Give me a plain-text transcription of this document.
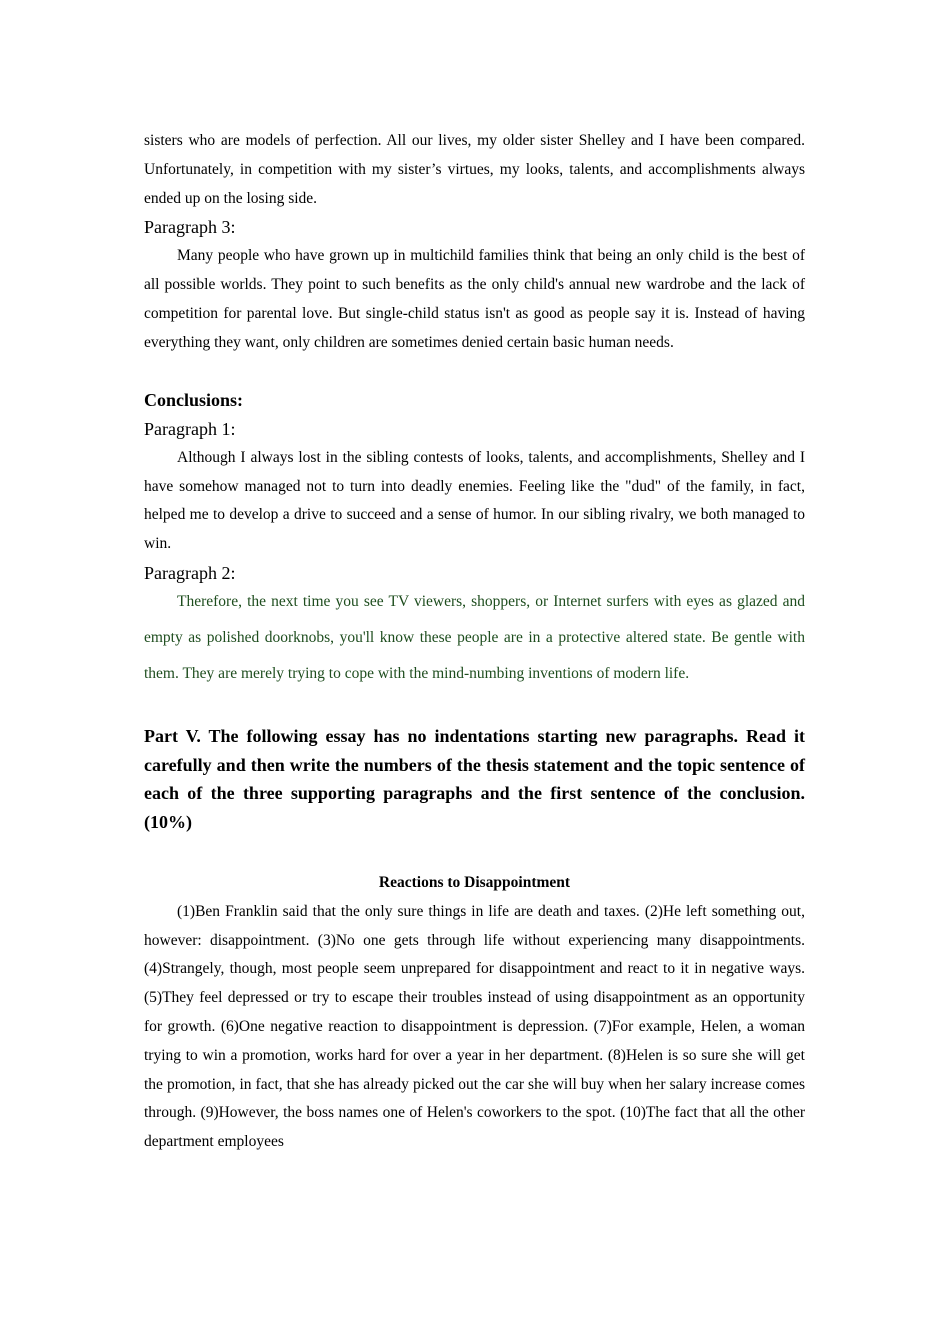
sisters who are models of perfection. All our lives, my older sister Shelley and I have been compared. Unfortunately, in competition with my sister’s virtues, my looks, talents, and accomplishments always ended up on the losing side.

Paragraph 3:

Many people who have grown up in multichild families think that being an only child is the best of all possible worlds. They point to such benefits as the only child's annual new wardrobe and the lack of competition for parental love. But single-child status isn't as good as people say it is. Instead of having everything they want, only children are sometimes denied certain basic human needs.

Conclusions:

Paragraph 1:

Although I always lost in the sibling contests of looks, talents, and accomplishments, Shelley and I have somehow managed not to turn into deadly enemies. Feeling like the "dud" of the family, in fact, helped me to develop a drive to succeed and a sense of humor. In our sibling rivalry, we both managed to win.

Paragraph 2:

Therefore, the next time you see TV viewers, shoppers, or Internet surfers with eyes as glazed and empty as polished doorknobs, you'll know these people are in a protective altered state. Be gentle with them. They are merely trying to cope with the mind-numbing inventions of modern life.

Part V. The following essay has no indentations starting new paragraphs. Read it carefully and then write the numbers of the thesis statement and the topic sentence of each of the three supporting paragraphs and the first sentence of the conclusion. (10%)

Reactions to Disappointment

(1)Ben Franklin said that the only sure things in life are death and taxes. (2)He left something out, however: disappointment. (3)No one gets through life without experiencing many disappointments. (4)Strangely, though, most people seem unprepared for disappointment and react to it in negative ways. (5)They feel depressed or try to escape their troubles instead of using disappointment as an opportunity for growth. (6)One negative reaction to disappointment is depression. (7)For example, Helen, a woman trying to win a promotion, works hard for over a year in her department. (8)Helen is so sure she will get the promotion, in fact, that she has already picked out the car she will buy when her salary increase comes through. (9)However, the boss names one of Helen's coworkers to the spot. (10)The fact that all the other department employees
